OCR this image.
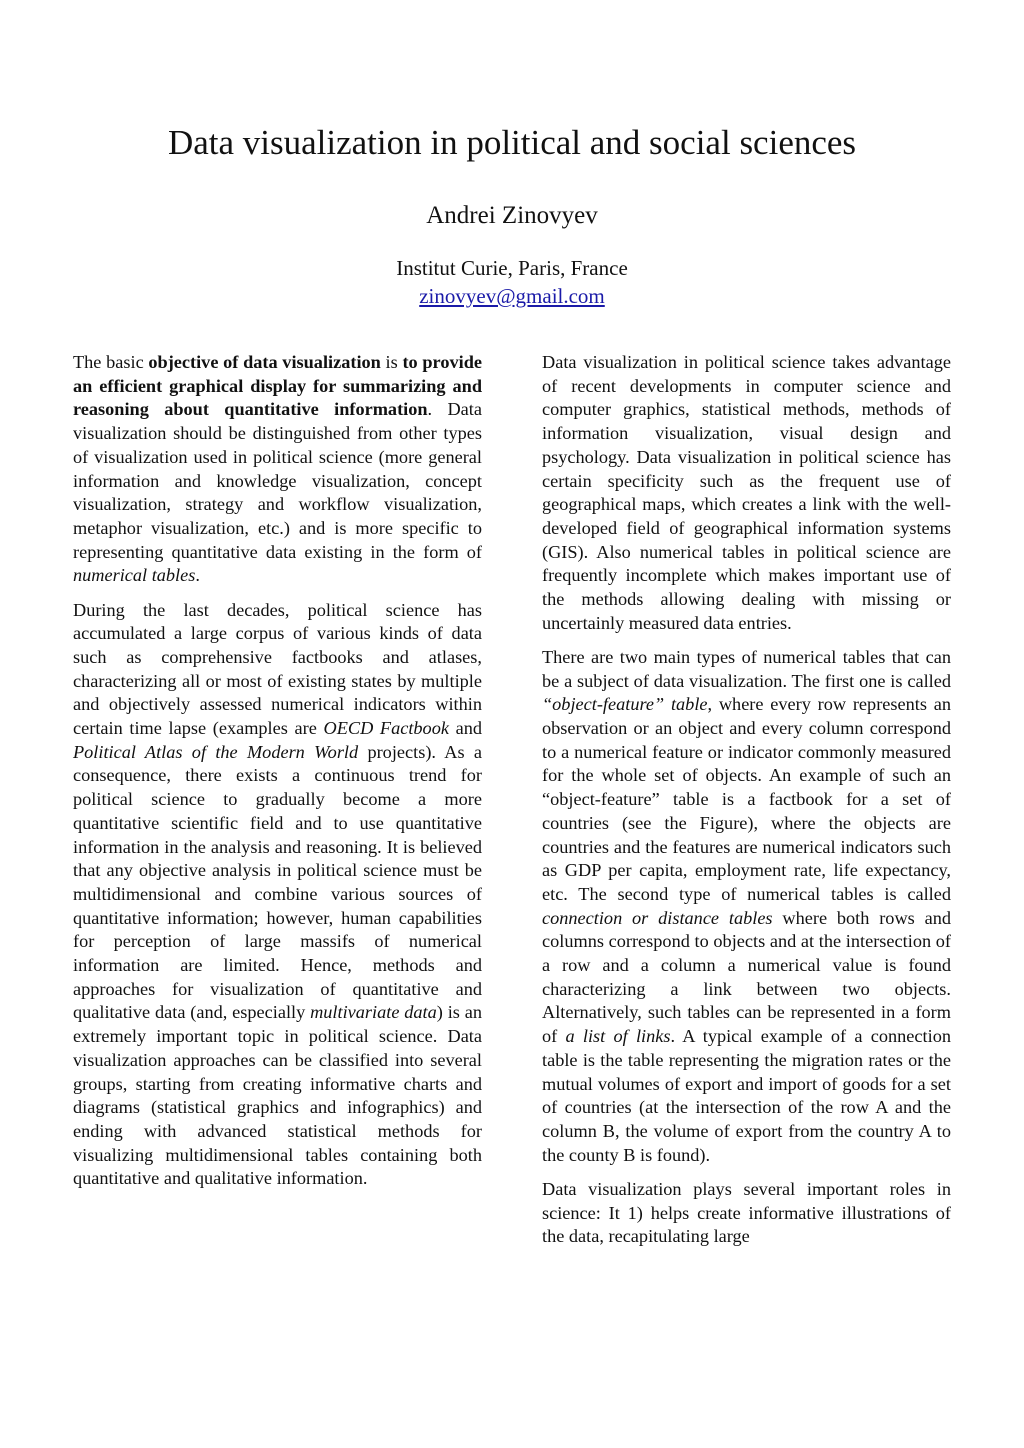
Data visualization in political and social sciences
Andrei Zinovyev
Institut Curie, Paris, France
zinovyev@gmail.com

The basic objective of data visualization is to provide an efficient graphical display for summarizing and reasoning about quantitative information. Data visualization should be distinguished from other types of visualization used in political science (more general information and knowledge visualization, concept visualization, strategy and workflow visualization, metaphor visualization, etc.) and is more specific to representing quantitative data existing in the form of numerical tables.

During the last decades, political science has accumulated a large corpus of various kinds of data such as comprehensive factbooks and atlases, characterizing all or most of existing states by multiple and objectively assessed numerical indicators within certain time lapse (examples are OECD Factbook and Political Atlas of the Modern World projects). As a consequence, there exists a continuous trend for political science to gradually become a more quantitative scientific field and to use quantitative information in the analysis and reasoning. It is believed that any objective analysis in political science must be multidimensional and combine various sources of quantitative information; however, human capabilities for perception of large massifs of numerical information are limited. Hence, methods and approaches for visualization of quantitative and qualitative data (and, especially multivariate data) is an extremely important topic in political science. Data visualization approaches can be classified into several groups, starting from creating informative charts and diagrams (statistical graphics and infographics) and ending with advanced statistical methods for visualizing multidimensional tables containing both quantitative and qualitative information.

Data visualization in political science takes advantage of recent developments in computer science and computer graphics, statistical methods, methods of information visualization, visual design and psychology. Data visualization in political science has certain specificity such as the frequent use of geographical maps, which creates a link with the well-developed field of geographical information systems (GIS). Also numerical tables in political science are frequently incomplete which makes important use of the methods allowing dealing with missing or uncertainly measured data entries.

There are two main types of numerical tables that can be a subject of data visualization. The first one is called “object-feature” table, where every row represents an observation or an object and every column correspond to a numerical feature or indicator commonly measured for the whole set of objects. An example of such an “object-feature” table is a factbook for a set of countries (see the Figure), where the objects are countries and the features are numerical indicators such as GDP per capita, employment rate, life expectancy, etc. The second type of numerical tables is called connection or distance tables where both rows and columns correspond to objects and at the intersection of a row and a column a numerical value is found characterizing a link between two objects. Alternatively, such tables can be represented in a form of a list of links. A typical example of a connection table is the table representing the migration rates or the mutual volumes of export and import of goods for a set of countries (at the intersection of the row A and the column B, the volume of export from the country A to the county B is found).

Data visualization plays several important roles in science: It 1) helps create informative illustrations of the data, recapitulating large
